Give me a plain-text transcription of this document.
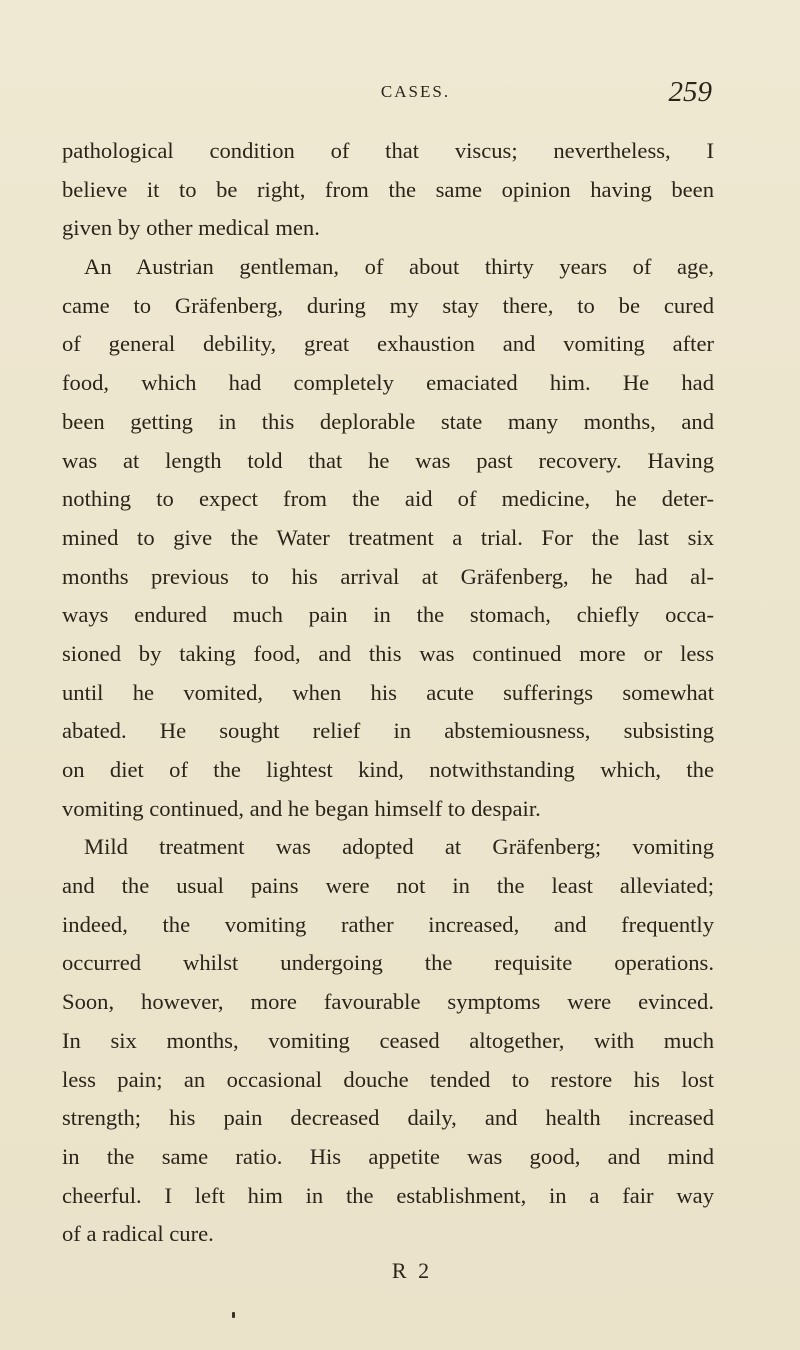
CASES.	259
pathological condition of that viscus; nevertheless, I
believe it to be right, from the same opinion having been
given by other medical men.
An Austrian gentleman, of about thirty years of age,
came to Gräfenberg, during my stay there, to be cured
of general debility, great exhaustion and vomiting after
food, which had completely emaciated him. He had
been getting in this deplorable state many months, and
was at length told that he was past recovery. Having
nothing to expect from the aid of medicine, he deter-
mined to give the Water treatment a trial. For the last six
months previous to his arrival at Gräfenberg, he had al-
ways endured much pain in the stomach, chiefly occa-
sioned by taking food, and this was continued more or less
until he vomited, when his acute sufferings somewhat
abated. He sought relief in abstemiousness, subsisting
on diet of the lightest kind, notwithstanding which, the
vomiting continued, and he began himself to despair.
Mild treatment was adopted at Gräfenberg; vomiting
and the usual pains were not in the least alleviated;
indeed, the vomiting rather increased, and frequently
occurred whilst undergoing the requisite operations.
Soon, however, more favourable symptoms were evinced.
In six months, vomiting ceased altogether, with much
less pain; an occasional douche tended to restore his lost
strength; his pain decreased daily, and health increased
in the same ratio. His appetite was good, and mind
cheerful. I left him in the establishment, in a fair way
of a radical cure.
R 2
